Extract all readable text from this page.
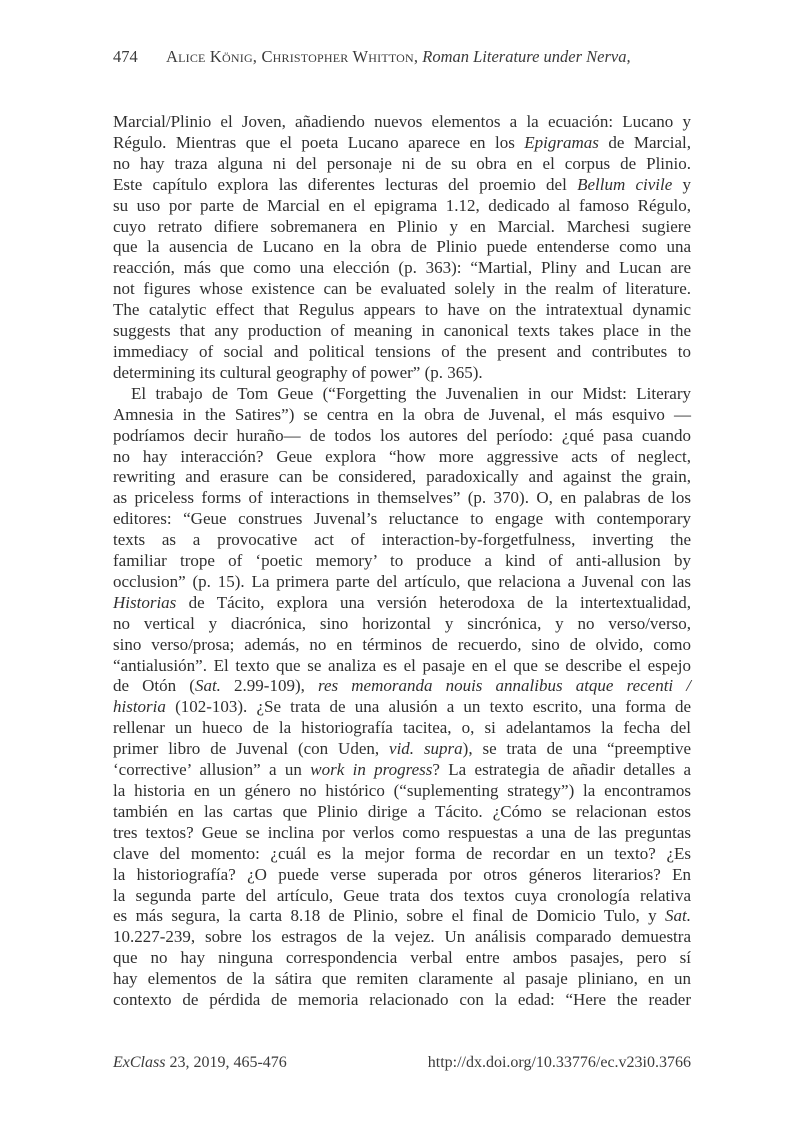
474 Alice König, Christopher Whitton, Roman Literature under Nerva,
Marcial/Plinio el Joven, añadiendo nuevos elementos a la ecuación: Lucano y
Régulo. Mientras que el poeta Lucano aparece en los Epigramas de Marcial,
no hay traza alguna ni del personaje ni de su obra en el corpus de Plinio.
Este capítulo explora las diferentes lecturas del proemio del Bellum civile y
su uso por parte de Marcial en el epigrama 1.12, dedicado al famoso Régulo,
cuyo retrato difiere sobremanera en Plinio y en Marcial. Marchesi sugiere
que la ausencia de Lucano en la obra de Plinio puede entenderse como una
reacción, más que como una elección (p. 363): “Martial, Pliny and Lucan are
not figures whose existence can be evaluated solely in the realm of literature.
The catalytic effect that Regulus appears to have on the intratextual dynamic
suggests that any production of meaning in canonical texts takes place in the
immediacy of social and political tensions of the present and contributes to
determining its cultural geography of power” (p. 365).
El trabajo de Tom Geue (“Forgetting the Juvenalien in our Midst: Literary
Amnesia in the Satires”) se centra en la obra de Juvenal, el más esquivo —
podríamos decir huraño— de todos los autores del período: ¿qué pasa cuando
no hay interacción? Geue explora “how more aggressive acts of neglect,
rewriting and erasure can be considered, paradoxically and against the grain,
as priceless forms of interactions in themselves” (p. 370). O, en palabras de los
editores: “Geue construes Juvenal’s reluctance to engage with contemporary
texts as a provocative act of interaction-by-forgetfulness, inverting the
familiar trope of ‘poetic memory’ to produce a kind of anti-allusion by
occlusion” (p. 15). La primera parte del artículo, que relaciona a Juvenal con las
Historias de Tácito, explora una versión heterodoxa de la intertextualidad,
no vertical y diacrónica, sino horizontal y sincrónica, y no verso/verso,
sino verso/prosa; además, no en términos de recuerdo, sino de olvido, como
“antialusión”. El texto que se analiza es el pasaje en el que se describe el espejo
de Otón (Sat. 2.99-109), res memoranda nouis annalibus atque recenti /
historia (102-103). ¿Se trata de una alusión a un texto escrito, una forma de
rellenar un hueco de la historiografía tacitea, o, si adelantamos la fecha del
primer libro de Juvenal (con Uden, vid. supra), se trata de una “preemptive
‘corrective’ allusion” a un work in progress? La estrategia de añadir detalles a
la historia en un género no histórico (“suplementing strategy”) la encontramos
también en las cartas que Plinio dirige a Tácito. ¿Cómo se relacionan estos
tres textos? Geue se inclina por verlos como respuestas a una de las preguntas
clave del momento: ¿cuál es la mejor forma de recordar en un texto? ¿Es
la historiografía? ¿O puede verse superada por otros géneros literarios? En
la segunda parte del artículo, Geue trata dos textos cuya cronología relativa
es más segura, la carta 8.18 de Plinio, sobre el final de Domicio Tulo, y Sat.
10.227-239, sobre los estragos de la vejez. Un análisis comparado demuestra
que no hay ninguna correspondencia verbal entre ambos pasajes, pero sí
hay elementos de la sátira que remiten claramente al pasaje pliniano, en un
contexto de pérdida de memoria relacionado con la edad: “Here the reader
ExClass 23, 2019, 465-476	http://dx.doi.org/10.33776/ec.v23i0.3766
